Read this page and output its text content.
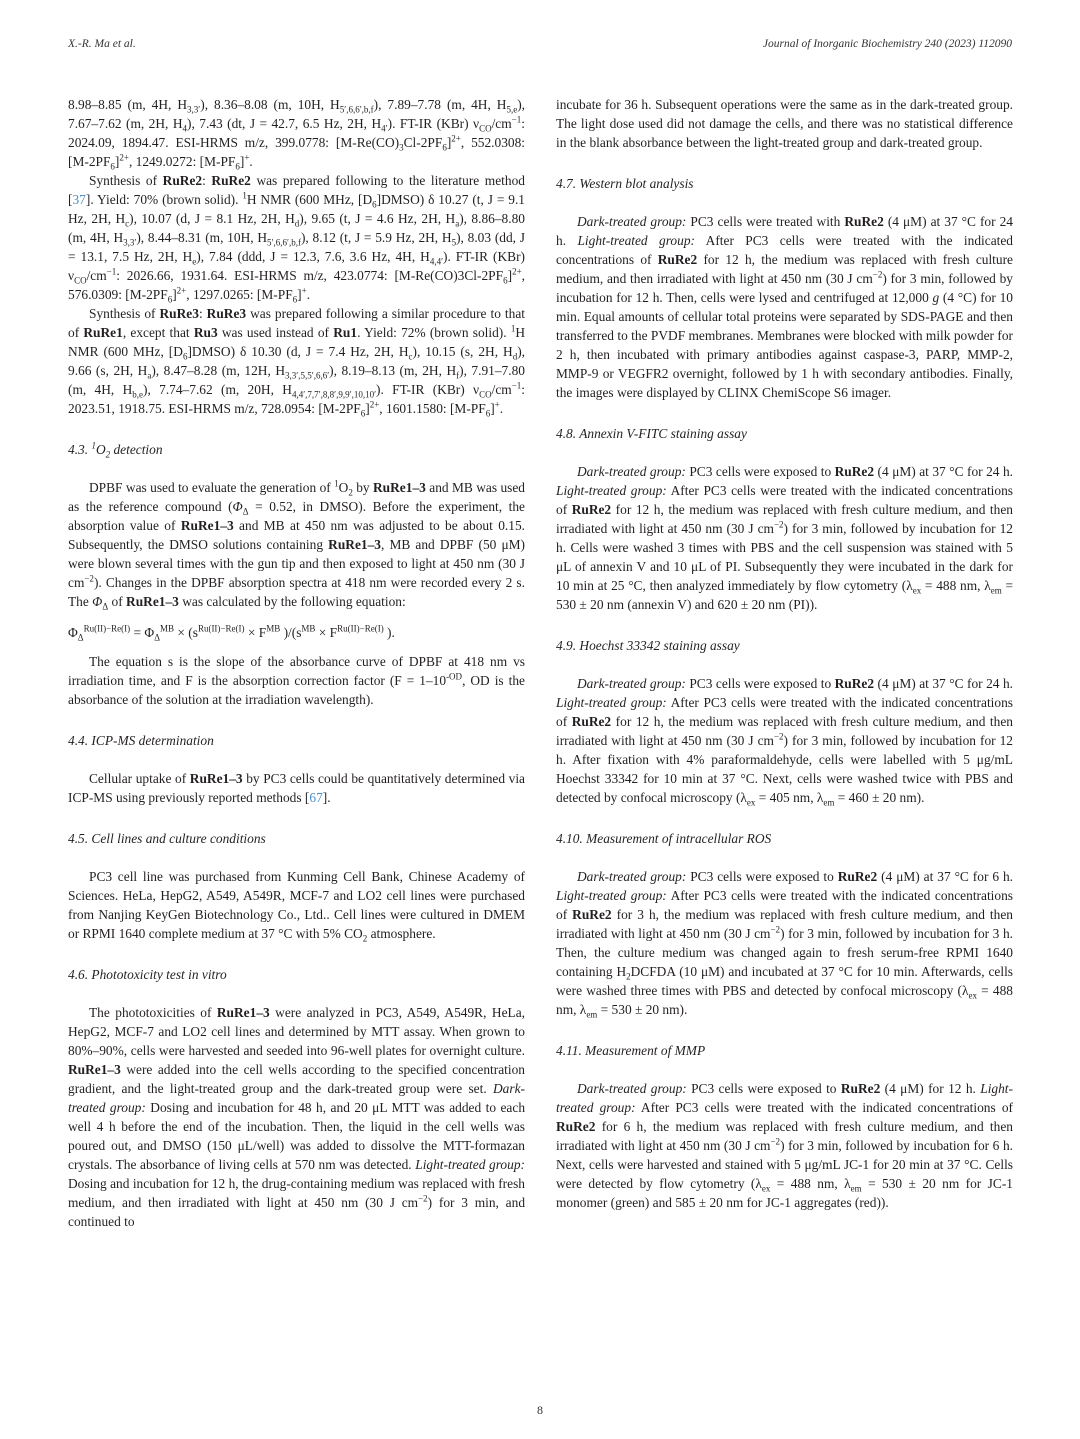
X.-R. Ma et al.	Journal of Inorganic Biochemistry 240 (2023) 112090

8.98–8.85 (m, 4H, $H_{3,3'}$), 8.36–8.08 (m, 10H, $H_{5',6,6',b,f}$), 7.89–7.78 (m, 4H, $H_{5,e}$), 7.67–7.62 (m, 2H, $H_4$), 7.43 (dt, J = 42.7, 6.5 Hz, 2H, $H_{4'}$). FT-IR (KBr) $\nu_{CO}/cm^{-1}$: 2024.09, 1894.47. ESI-HRMS m/z, 399.0778: $[M-Re(CO)_3Cl-2PF_6]^{2+}$, 552.0308: $[M-2PF_6]^{2+}$, 1249.0272: $[M-PF_6]^+$.

Synthesis of RuRe2: RuRe2 was prepared following to the literature method [37]. Yield: 70% (brown solid). $^1$H NMR (600 MHz, $[D_6]DMSO$) δ 10.27 (t, J = 9.1 Hz, 2H, $H_c$), 10.07 (d, J = 8.1 Hz, 2H, $H_d$), 9.65 (t, J = 4.6 Hz, 2H, $H_a$), 8.86–8.80 (m, 4H, $H_{3,3'}$), 8.44–8.31 (m, 10H, $H_{5',6,6',b,f}$), 8.12 (t, J = 5.9 Hz, 2H, $H_5$), 8.03 (dd, J = 13.1, 7.5 Hz, 2H, $H_e$), 7.84 (ddd, J = 12.3, 7.6, 3.6 Hz, 4H, $H_{4,4'}$). FT-IR (KBr) $\nu_{CO}/cm^{-1}$: 2026.66, 1931.64. ESI-HRMS m/z, 423.0774: $[M-Re(CO)3Cl-2PF_6]^{2+}$, 576.0309: $[M-2PF_6]^{2+}$, 1297.0265: $[M-PF_6]^+$.

Synthesis of RuRe3: RuRe3 was prepared following a similar procedure to that of RuRe1, except that Ru3 was used instead of Ru1. Yield: 72% (brown solid). $^1$H NMR (600 MHz, $[D_6]DMSO$) δ 10.30 (d, J = 7.4 Hz, 2H, $H_c$), 10.15 (s, 2H, $H_d$), 9.66 (s, 2H, $H_a$), 8.47–8.28 (m, 12H, $H_{3,3',5,5',6,6'}$), 8.19–8.13 (m, 2H, $H_f$), 7.91–7.80 (m, 4H, $H_{b,e}$), 7.74–7.62 (m, 20H, $H_{4,4',7,7',8,8',9,9',10,10'}$). FT-IR (KBr) $\nu_{CO}/cm^{-1}$: 2023.51, 1918.75. ESI-HRMS m/z, 728.0954: $[M-2PF_6]^{2+}$, 1601.1580: $[M-PF_6]^+$.

4.3. $^1O_2$ detection

DPBF was used to evaluate the generation of $^1O_2$ by RuRe1–3 and MB was used as the reference compound ($\Phi_\Delta = 0.52$, in DMSO). Before the experiment, the absorption value of RuRe1–3 and MB at 450 nm was adjusted to be about 0.15. Subsequently, the DMSO solutions containing RuRe1–3, MB and DPBF (50 μM) were blown several times with the gun tip and then exposed to light at 450 nm (30 J $cm^{-2}$). Changes in the DPBF absorption spectra at 418 nm were recorded every 2 s. The $\Phi_\Delta$ of RuRe1–3 was calculated by the following equation:

$\Phi_\Delta^{Ru(II)-Re(I)} = \Phi_\Delta^{MB} \times (s^{Ru(II)-Re(I)} \times F^{MB}$ )$/(s^{MB} \times F^{Ru(II)-Re(I)}$ ).

The equation s is the slope of the absorbance curve of DPBF at 418 nm vs irradiation time, and F is the absorption correction factor ($F = 1-10^{-OD}$, OD is the absorbance of the solution at the irradiation wavelength).

4.4. ICP-MS determination

Cellular uptake of RuRe1–3 by PC3 cells could be quantitatively determined via ICP-MS using previously reported methods [67].

4.5. Cell lines and culture conditions

PC3 cell line was purchased from Kunming Cell Bank, Chinese Academy of Sciences. HeLa, HepG2, A549, A549R, MCF-7 and LO2 cell lines were purchased from Nanjing KeyGen Biotechnology Co., Ltd.. Cell lines were cultured in DMEM or RPMI 1640 complete medium at 37 °C with 5% $CO_2$ atmosphere.

4.6. Phototoxicity test in vitro

The phototoxicities of RuRe1–3 were analyzed in PC3, A549, A549R, HeLa, HepG2, MCF-7 and LO2 cell lines and determined by MTT assay. When grown to 80%–90%, cells were harvested and seeded into 96-well plates for overnight culture. RuRe1–3 were added into the cell wells according to the specified concentration gradient, and the light-treated group and the dark-treated group were set. Dark-treated group: Dosing and incubation for 48 h, and 20 μL MTT was added to each well 4 h before the end of the incubation. Then, the liquid in the cell wells was poured out, and DMSO (150 μL/well) was added to dissolve the MTT-formazan crystals. The absorbance of living cells at 570 nm was detected. Light-treated group: Dosing and incubation for 12 h, the drug-containing medium was replaced with fresh medium, and then irradiated with light at 450 nm (30 J $cm^{-2}$) for 3 min, and continued to

incubate for 36 h. Subsequent operations were the same as in the dark-treated group. The light dose used did not damage the cells, and there was no statistical difference in the blank absorbance between the light-treated group and dark-treated group.

4.7. Western blot analysis

Dark-treated group: PC3 cells were treated with RuRe2 (4 μM) at 37 °C for 24 h. Light-treated group: After PC3 cells were treated with the indicated concentrations of RuRe2 for 12 h, the medium was replaced with fresh culture medium, and then irradiated with light at 450 nm (30 J $cm^{-2}$) for 3 min, followed by incubation for 12 h. Then, cells were lysed and centrifuged at 12,000 g (4 °C) for 10 min. Equal amounts of cellular total proteins were separated by SDS-PAGE and then transferred to the PVDF membranes. Membranes were blocked with milk powder for 2 h, then incubated with primary antibodies against caspase-3, PARP, MMP-2, MMP-9 or VEGFR2 overnight, followed by 1 h with secondary antibodies. Finally, the images were displayed by CLINX ChemiScope S6 imager.

4.8. Annexin V-FITC staining assay

Dark-treated group: PC3 cells were exposed to RuRe2 (4 μM) at 37 °C for 24 h. Light-treated group: After PC3 cells were treated with the indicated concentrations of RuRe2 for 12 h, the medium was replaced with fresh culture medium, and then irradiated with light at 450 nm (30 J $cm^{-2}$) for 3 min, followed by incubation for 12 h. Cells were washed 3 times with PBS and the cell suspension was stained with 5 μL of annexin V and 10 μL of PI. Subsequently they were incubated in the dark for 10 min at 25 °C, then analyzed immediately by flow cytometry ($\lambda_{ex} = 488$ nm, $\lambda_{em} = 530 \pm 20$ nm (annexin V) and 620 ± 20 nm (PI)).

4.9. Hoechst 33342 staining assay

Dark-treated group: PC3 cells were exposed to RuRe2 (4 μM) at 37 °C for 24 h. Light-treated group: After PC3 cells were treated with the indicated concentrations of RuRe2 for 12 h, the medium was replaced with fresh culture medium, and then irradiated with light at 450 nm (30 J $cm^{-2}$) for 3 min, followed by incubation for 12 h. After fixation with 4% paraformaldehyde, cells were labelled with 5 μg/mL Hoechst 33342 for 10 min at 37 °C. Next, cells were washed twice with PBS and detected by confocal microscopy ($\lambda_{ex} = 405$ nm, $\lambda_{em} = 460 \pm 20$ nm).

4.10. Measurement of intracellular ROS

Dark-treated group: PC3 cells were exposed to RuRe2 (4 μM) at 37 °C for 6 h. Light-treated group: After PC3 cells were treated with the indicated concentrations of RuRe2 for 3 h, the medium was replaced with fresh culture medium, and then irradiated with light at 450 nm (30 J $cm^{-2}$) for 3 min, followed by incubation for 3 h. Then, the culture medium was changed again to fresh serum-free RPMI 1640 containing $H_2DCFDA$ (10 μM) and incubated at 37 °C for 10 min. Afterwards, cells were washed three times with PBS and detected by confocal microscopy ($\lambda_{ex} = 488$ nm, $\lambda_{em} = 530 \pm 20$ nm).

4.11. Measurement of MMP

Dark-treated group: PC3 cells were exposed to RuRe2 (4 μM) for 12 h. Light-treated group: After PC3 cells were treated with the indicated concentrations of RuRe2 for 6 h, the medium was replaced with fresh culture medium, and then irradiated with light at 450 nm (30 J $cm^{-2}$) for 3 min, followed by incubation for 6 h. Next, cells were harvested and stained with 5 μg/mL JC-1 for 20 min at 37 °C. Cells were detected by flow cytometry ($\lambda_{ex} = 488$ nm, $\lambda_{em} = 530 \pm 20$ nm for JC-1 monomer (green) and 585 ± 20 nm for JC-1 aggregates (red)).

8
